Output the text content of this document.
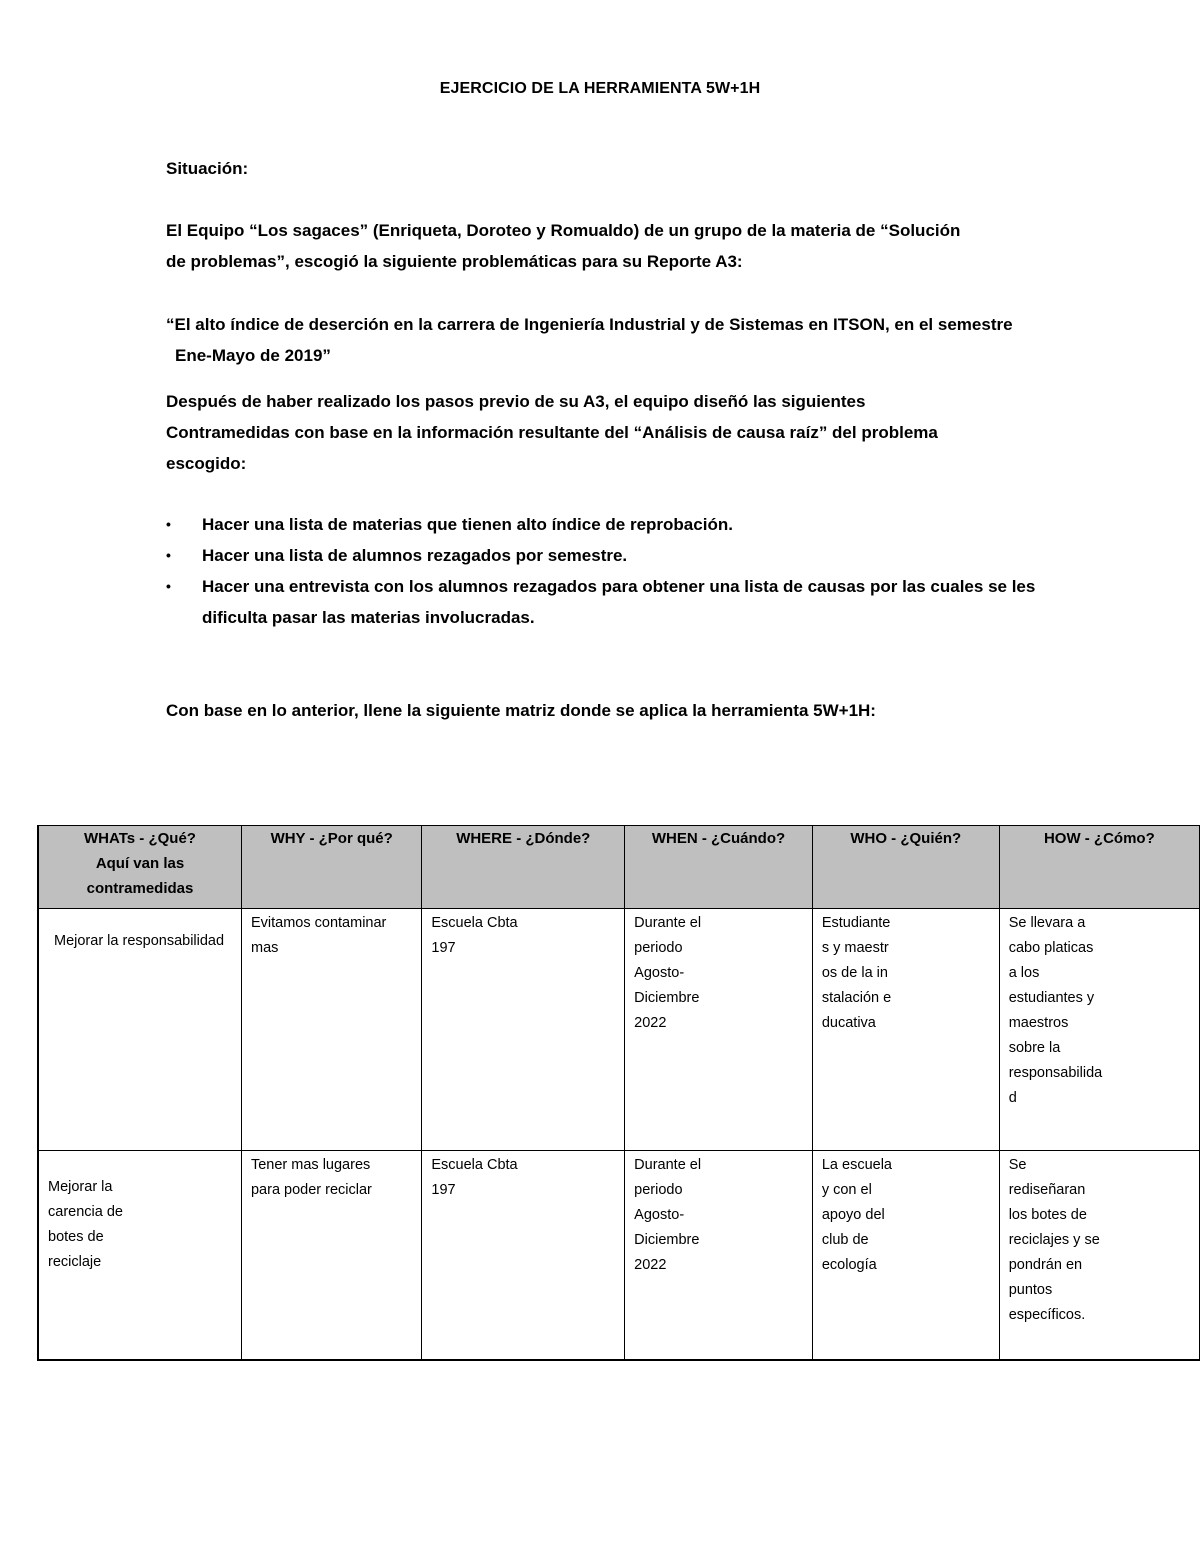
EJERCICIO DE LA HERRAMIENTA 5W+1H
Situación:
El Equipo “Los sagaces” (Enriqueta, Doroteo y Romualdo) de un grupo de la materia de “Solución
de problemas”, escogió la siguiente problemáticas para su Reporte A3:
“El alto índice de deserción en la carrera de Ingeniería Industrial y de Sistemas en ITSON, en el semestre
Ene-Mayo de 2019”
Después de haber realizado los pasos previo de su A3, el equipo diseñó las siguientes
Contramedidas con base en la información resultante del “Análisis de causa raíz” del problema
escogido:
• Hacer una lista de materias que tienen alto índice de reprobación.
• Hacer una lista de alumnos rezagados por semestre.
• Hacer una entrevista con los alumnos rezagados para obtener una lista de causas por las cuales se les dificulta pasar las materias involucradas.
Con base en lo anterior, llene la siguiente matriz donde se aplica la herramienta 5W+1H:
WHATs - ¿Qué?
Aquí van las
contramedidas	WHY - ¿Por qué?	WHERE - ¿Dónde?	WHEN - ¿Cuándo?	WHO - ¿Quién?	HOW - ¿Cómo?
Mejorar la responsabilidad	Evitamos contaminar mas	Escuela Cbta 197	Durante el periodo Agosto-Diciembre 2022	Estudiantes y maestros de la instalación educativa	Se llevara a cabo platicas a los estudiantes y maestros sobre la responsabilidad

Mejorar la carencia de botes de reciclaje	Tener mas lugares para poder reciclar	Escuela Cbta 197	Durante el periodo Agosto-Diciembre 2022	La escuela y con el apoyo del club de ecología	Se rediseñaran los botes de reciclajes y se pondrán en puntos específicos.
